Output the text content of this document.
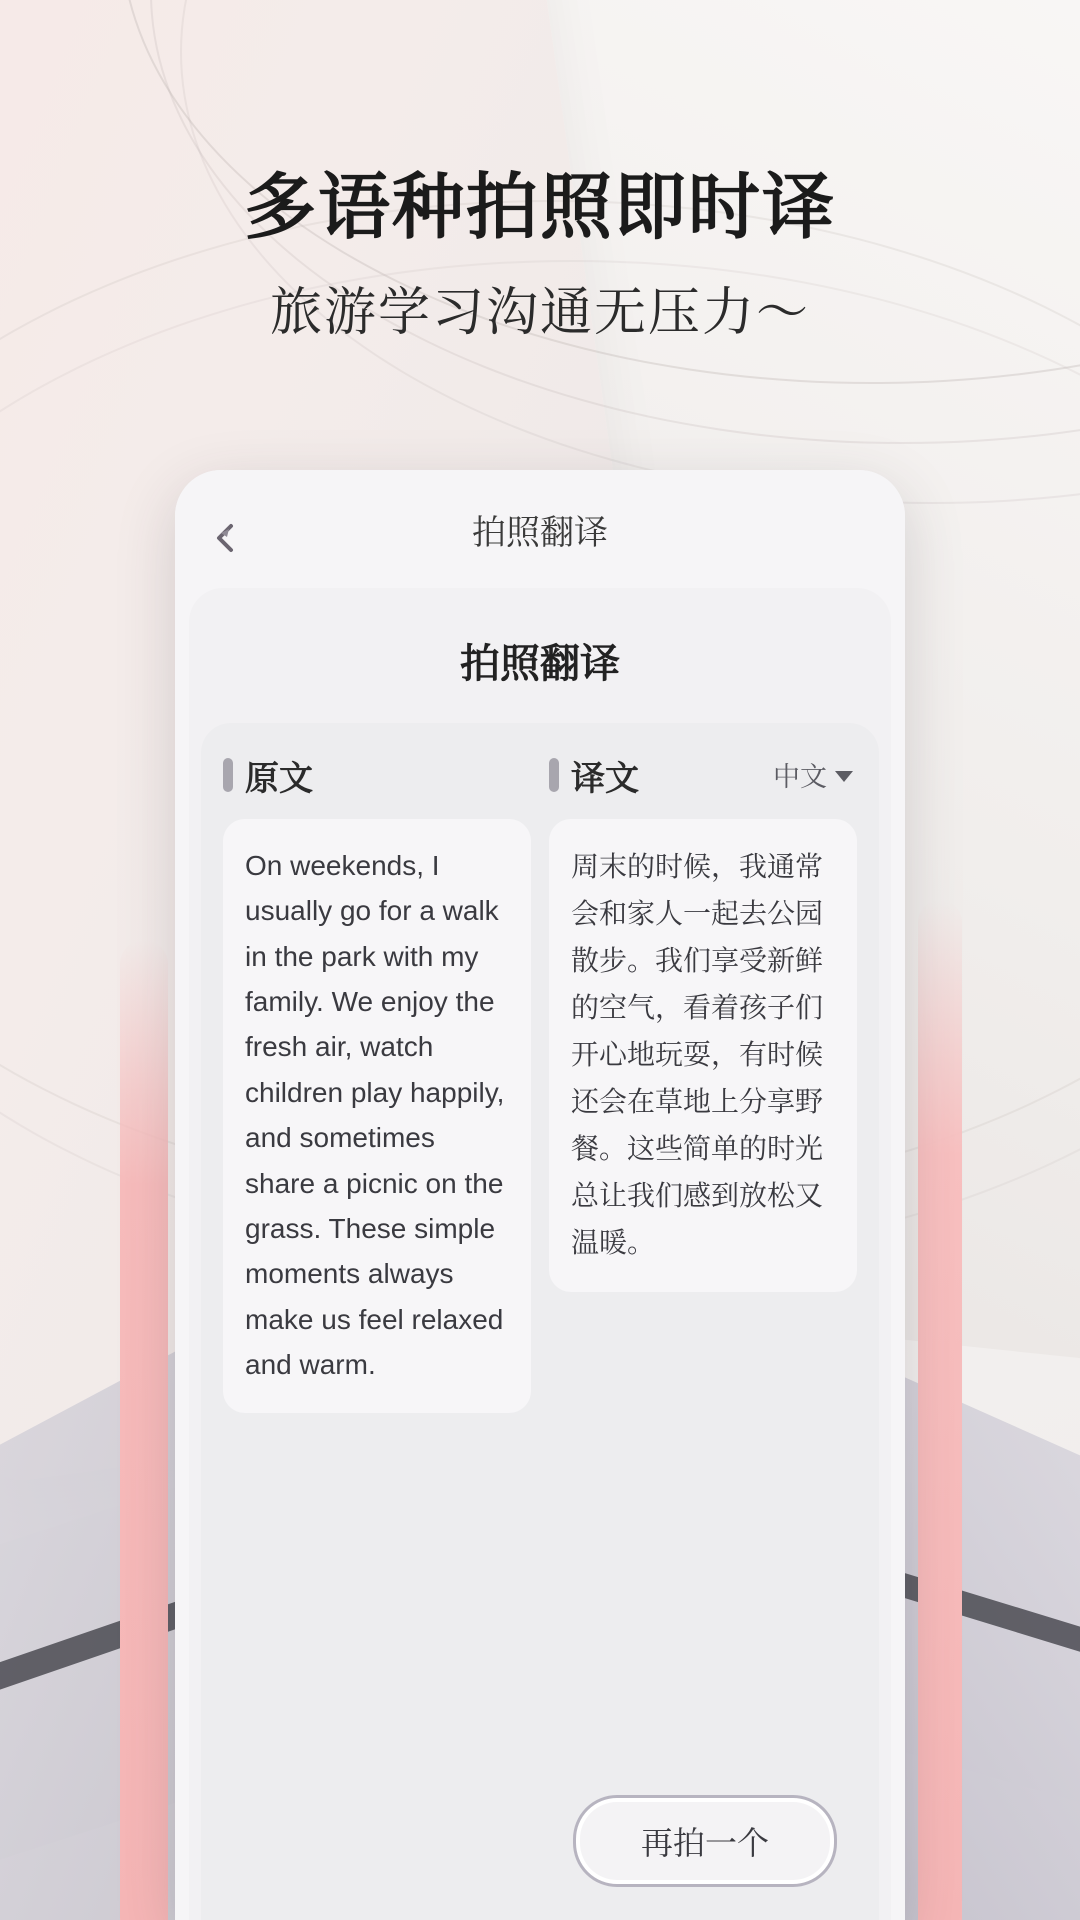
多语种拍照即时译

旅游学习沟通无压力～

拍照翻译
拍照翻译
原文
On weekends, I usually go for a walk in the park with my family. We enjoy the fresh air, watch children play happily, and sometimes share a picnic on the grass. These simple moments always make us feel relaxed and warm.
译文	中文
周末的时候，我通常会和家人一起去公园散步。我们享受新鲜的空气，看着孩子们开心地玩耍，有时候还会在草地上分享野餐。这些简单的时光总让我们感到放松又温暖。
再拍一个
